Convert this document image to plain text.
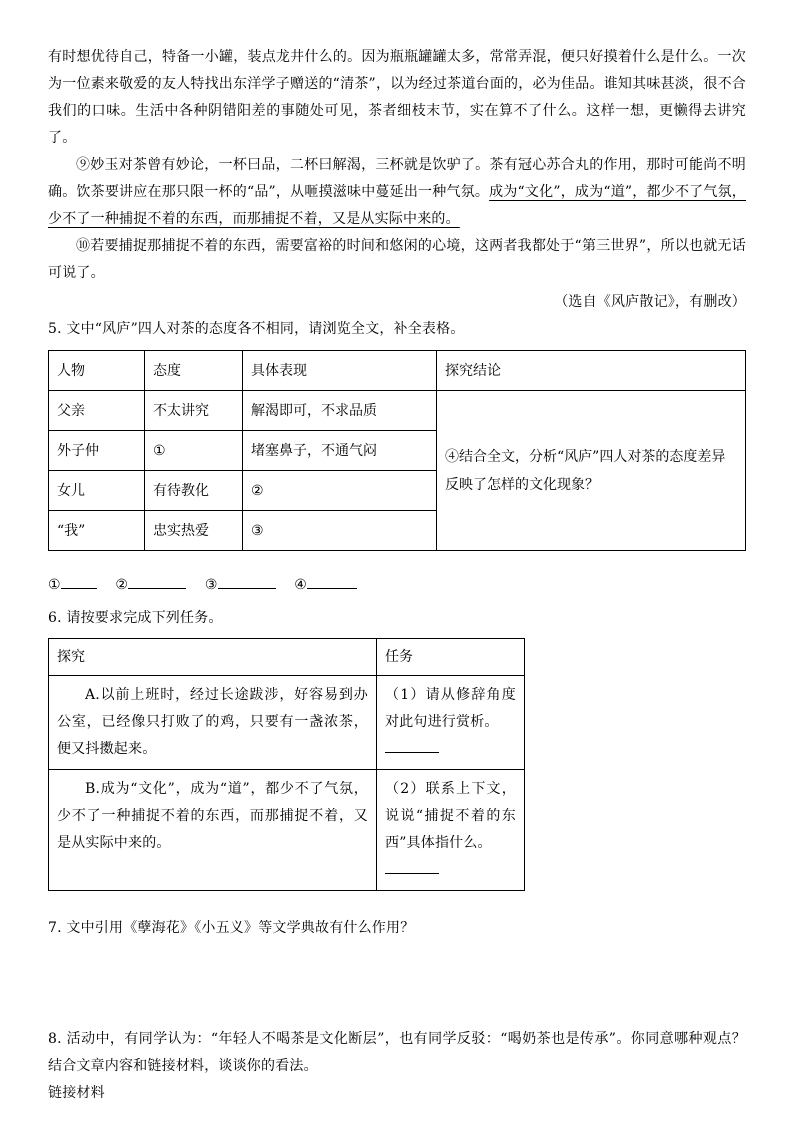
有时想优待自己，特备一小罐，装点龙井什么的。因为瓶瓶罐罐太多，常常弄混，便只好摸着什么是什么。一次为一位素来敬爱的友人特找出东洋学子赠送的“清茶”，以为经过茶道台面的，必为佳品。谁知其味甚淡，很不合我们的口味。生活中各种阴错阳差的事随处可见，茶者细枝末节，实在算不了什么。这样一想，更懒得去讲究了。

⑨妙玉对茶曾有妙论，一杯曰品，二杯曰解渴，三杯就是饮驴了。茶有冠心苏合丸的作用，那时可能尚不明确。饮茶要讲应在那只限一杯的“品”，从咂摸滋味中蔓延出一种气氛。成为“文化”，成为“道”，都少不了气氛，少不了一种捕捉不着的东西，而那捕捉不着，又是从实际中来的。

⑩若要捕捉那捕捉不着的东西，需要富裕的时间和悠闲的心境，这两者我都处于“第三世界”，所以也就无话可说了。

（选自《风庐散记》，有删改）

5. 文中“风庐”四人对茶的态度各不相同，请浏览全文，补全表格。

人物	态度	具体表现	探究结论
父亲	不太讲究	解渴即可，不求品质	④结合全文，分析“风庐”四人对茶的态度差异反映了怎样的文化现象？
外子仲	①	堵塞鼻子，不通气闷	
女儿	有待教化	②	
“我”	忠实热爱	③	

①	②	③	④

6. 请按要求完成下列任务。

探究	任务

A.以前上班时，经过长途跋涉，好容易到办公室，已经像只打败了的鸡，只要有一盏浓茶，便又抖擞起来。	（1）请从修辞角度对此句进行赏析。

B.成为“文化”，成为“道”，都少不了气氛，少不了一种捕捉不着的东西，而那捕捉不着，又是从实际中来的。	（2）联系上下文，说说“捕捉不着的东西”具体指什么。

7. 文中引用《孽海花》《小五义》等文学典故有什么作用？

8. 活动中，有同学认为：“年轻人不喝茶是文化断层”，也有同学反驳：“喝奶茶也是传承”。你同意哪种观点？结合文章内容和链接材料，谈谈你的看法。

链接材料
